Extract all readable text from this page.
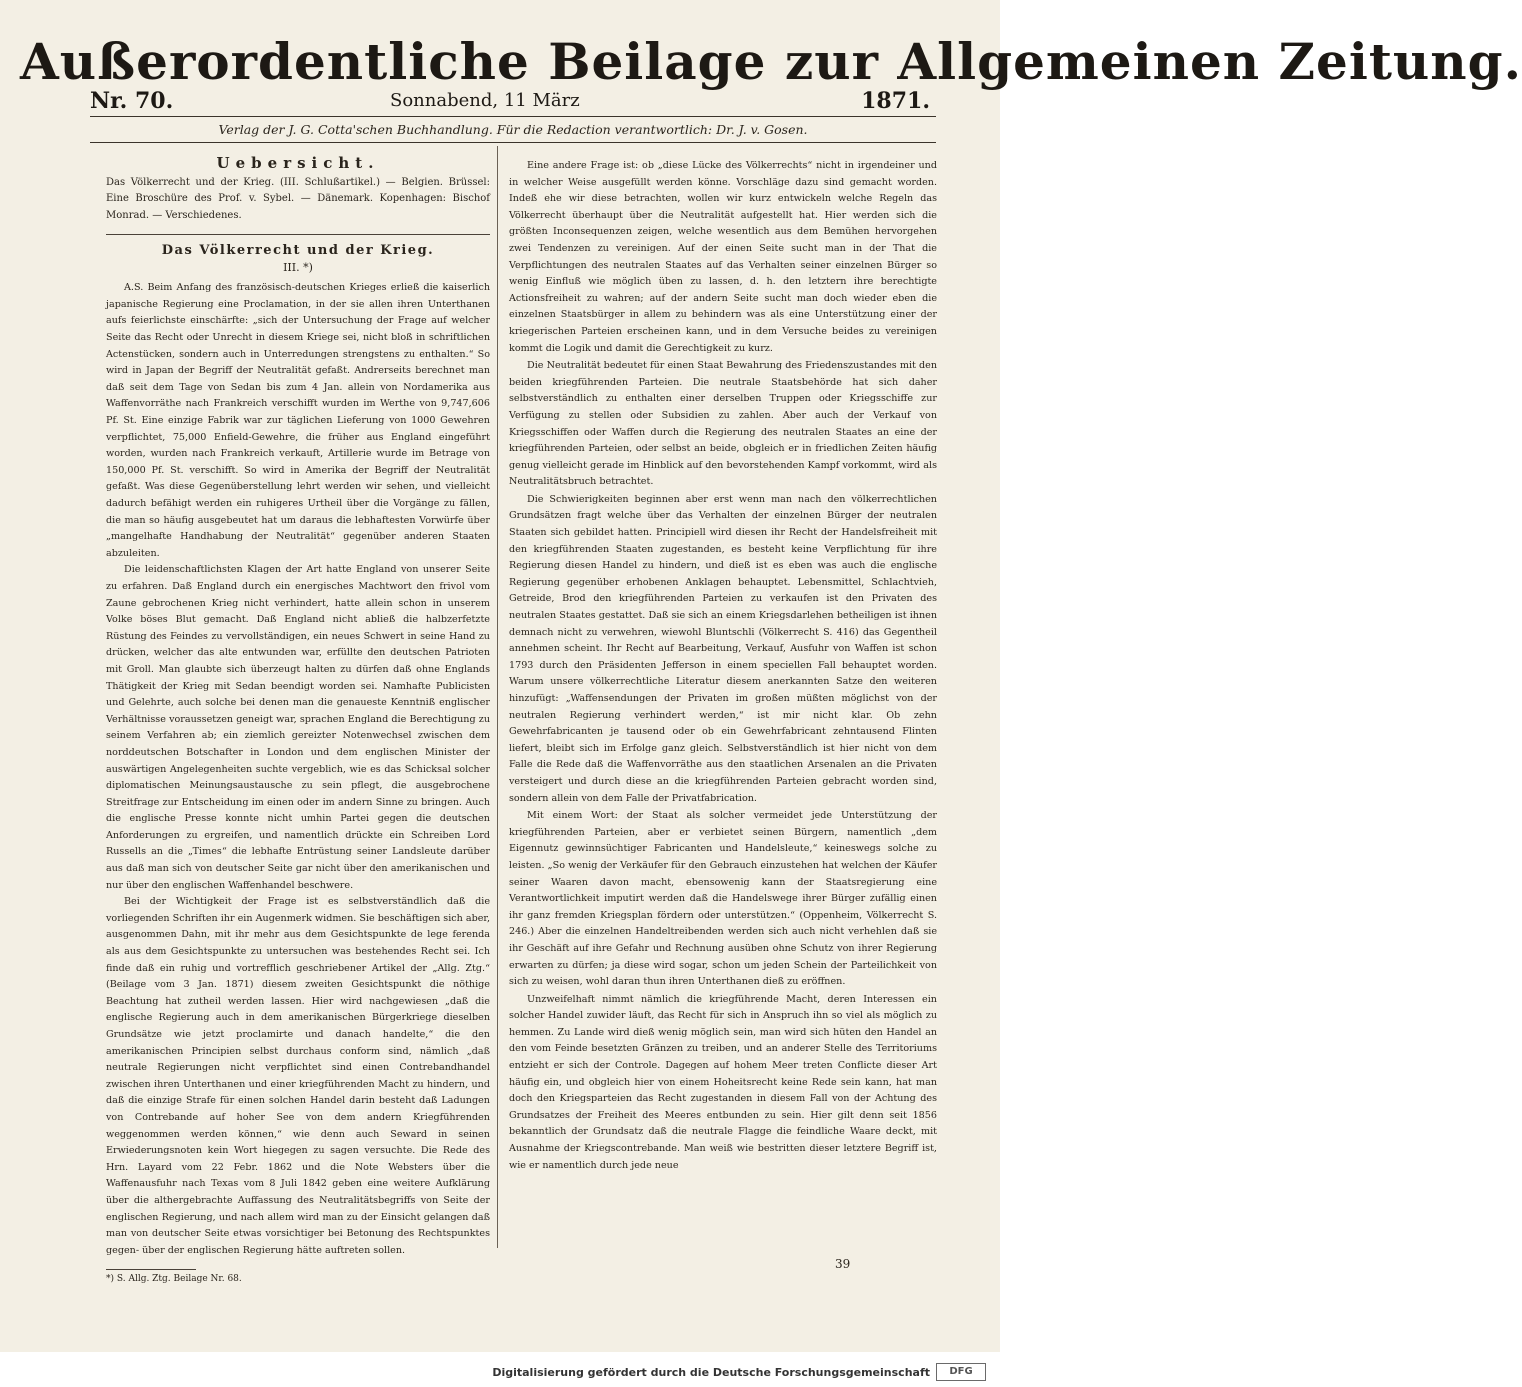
Außerordentliche Beilage zur Allgemeinen Zeitung.
Nr. 70.	Sonnabend, 11 März	1871.
Verlag der J. G. Cotta'schen Buchhandlung. Für die Redaction verantwortlich: Dr. J. v. Gosen.
Uebersicht.
Das Völkerrecht und der Krieg. (III. Schlußartikel.) — Belgien. Brüssel: Eine Broschüre des Prof. v. Sybel. — Dänemark. Kopenhagen: Bischof Monrad. — Verschiedenes.
Das Völkerrecht und der Krieg.
III. *)

A.S. Beim Anfang des französisch-deutschen Krieges erließ die kaiserlich japanische Regierung eine Proclamation, in der sie allen ihren Unterthanen aufs feierlichste einschärfte: „sich der Untersuchung der Frage auf welcher Seite das Recht oder Unrecht in diesem Kriege sei, nicht bloß in schriftlichen Actenstücken, sondern auch in Unterredungen strengstens zu enthalten.“ So wird in Japan der Begriff der Neutralität gefaßt. Andrerseits berechnet man daß seit dem Tage von Sedan bis zum 4 Jan. allein von Nordamerika aus Waffenvorräthe nach Frankreich verschifft wurden im Werthe von 9,747,606 Pf. St. Eine einzige Fabrik war zur täglichen Lieferung von 1000 Gewehren verpflichtet, 75,000 Enfield-Gewehre, die früher aus England eingeführt worden, wurden nach Frankreich verkauft, Artillerie wurde im Betrage von 150,000 Pf. St. verschifft. So wird in Amerika der Begriff der Neutralität gefaßt. Was diese Gegenüberstellung lehrt werden wir sehen, und vielleicht dadurch befähigt werden ein ruhigeres Urtheil über die Vorgänge zu fällen, die man so häufig ausgebeutet hat um daraus die lebhaftesten Vorwürfe über „mangelhafte Handhabung der Neutralität“ gegenüber anderen Staaten abzuleiten.

Die leidenschaftlichsten Klagen der Art hatte England von unserer Seite zu erfahren. Daß England durch ein energisches Machtwort den frivol vom Zaune gebrochenen Krieg nicht verhindert, hatte allein schon in unserem Volke böses Blut gemacht. Daß England nicht abließ die halbzerfetzte Rüstung des Feindes zu vervollständigen, ein neues Schwert in seine Hand zu drücken, welcher das alte entwunden war, erfüllte den deutschen Patrioten mit Groll. Man glaubte sich überzeugt halten zu dürfen daß ohne Englands Thätigkeit der Krieg mit Sedan beendigt worden sei. Namhafte Publicisten und Gelehrte, auch solche bei denen man die genaueste Kenntniß englischer Verhältnisse voraussetzen geneigt war, sprachen England die Berechtigung zu seinem Verfahren ab; ein ziemlich gereizter Notenwechsel zwischen dem norddeutschen Botschafter in London und dem englischen Minister der auswärtigen Angelegenheiten suchte vergeblich, wie es das Schicksal solcher diplomatischen Meinungsaustausche zu sein pflegt, die ausgebrochene Streitfrage zur Entscheidung im einen oder im andern Sinne zu bringen. Auch die englische Presse konnte nicht umhin Partei gegen die deutschen Anforderungen zu ergreifen, und namentlich drückte ein Schreiben Lord Russells an die „Times“ die lebhafte Entrüstung seiner Landsleute darüber aus daß man sich von deutscher Seite gar nicht über den amerikanischen und nur über den englischen Waffenhandel beschwere.

Bei der Wichtigkeit der Frage ist es selbstverständlich daß die vorliegenden Schriften ihr ein Augenmerk widmen. Sie beschäftigen sich aber, ausgenommen Dahn, mit ihr mehr aus dem Gesichtspunkte de lege ferenda als aus dem Gesichtspunkte zu untersuchen was bestehendes Recht sei. Ich finde daß ein ruhig und vortrefflich geschriebener Artikel der „Allg. Ztg.“ (Beilage vom 3 Jan. 1871) diesem zweiten Gesichtspunkt die nöthige Beachtung hat zutheil werden lassen. Hier wird nachgewiesen „daß die englische Regierung auch in dem amerikanischen Bürgerkriege dieselben Grundsätze wie jetzt proclamirte und danach handelte,“ die den amerikanischen Principien selbst durchaus conform sind, nämlich „daß neutrale Regierungen nicht verpflichtet sind einen Contrebandhandel zwischen ihren Unterthanen und einer kriegführenden Macht zu hindern, und daß die einzige Strafe für einen solchen Handel darin besteht daß Ladungen von Contrebande auf hoher See von dem andern Kriegführenden weggenommen werden können,“ wie denn auch Seward in seinen Erwiederungsnoten kein Wort hiegegen zu sagen versuchte. Die Rede des Hrn. Layard vom 22 Febr. 1862 und die Note Websters über die Waffenausfuhr nach Texas vom 8 Juli 1842 geben eine weitere Aufklärung über die althergebrachte Auffassung des Neutralitätsbegriffs von Seite der englischen Regierung, und nach allem wird man zu der Einsicht gelangen daß man von deutscher Seite etwas vorsichtiger bei Betonung des Rechtspunktes gegen- über der englischen Regierung hätte auftreten sollen.

*) S. Allg. Ztg. Beilage Nr. 68.

Eine andere Frage ist: ob „diese Lücke des Völkerrechts“ nicht in irgendeiner und in welcher Weise ausgefüllt werden könne. Vorschläge dazu sind gemacht worden. Indeß ehe wir diese betrachten, wollen wir kurz entwickeln welche Regeln das Völkerrecht überhaupt über die Neutralität aufgestellt hat. Hier werden sich die größten Inconsequenzen zeigen, welche wesentlich aus dem Bemühen hervorgehen zwei Tendenzen zu vereinigen. Auf der einen Seite sucht man in der That die Verpflichtungen des neutralen Staates auf das Verhalten seiner einzelnen Bürger so wenig Einfluß wie möglich üben zu lassen, d. h. den letztern ihre berechtigte Actionsfreiheit zu wahren; auf der andern Seite sucht man doch wieder eben die einzelnen Staatsbürger in allem zu behindern was als eine Unterstützung einer der kriegerischen Parteien erscheinen kann, und in dem Versuche beides zu vereinigen kommt die Logik und damit die Gerechtigkeit zu kurz.

Die Neutralität bedeutet für einen Staat Bewahrung des Friedenszustandes mit den beiden kriegführenden Parteien. Die neutrale Staatsbehörde hat sich daher selbstverständlich zu enthalten einer derselben Truppen oder Kriegsschiffe zur Verfügung zu stellen oder Subsidien zu zahlen. Aber auch der Verkauf von Kriegsschiffen oder Waffen durch die Regierung des neutralen Staates an eine der kriegführenden Parteien, oder selbst an beide, obgleich er in friedlichen Zeiten häufig genug vielleicht gerade im Hinblick auf den bevorstehenden Kampf vorkommt, wird als Neutralitätsbruch betrachtet.

Die Schwierigkeiten beginnen aber erst wenn man nach den völkerrechtlichen Grundsätzen fragt welche über das Verhalten der einzelnen Bürger der neutralen Staaten sich gebildet hatten. Principiell wird diesen ihr Recht der Handelsfreiheit mit den kriegführenden Staaten zugestanden, es besteht keine Verpflichtung für ihre Regierung diesen Handel zu hindern, und dieß ist es eben was auch die englische Regierung gegenüber erhobenen Anklagen behauptet. Lebensmittel, Schlachtvieh, Getreide, Brod den kriegführenden Parteien zu verkaufen ist den Privaten des neutralen Staates gestattet. Daß sie sich an einem Kriegsdarlehen betheiligen ist ihnen demnach nicht zu verwehren, wiewohl Bluntschli (Völkerrecht S. 416) das Gegentheil annehmen scheint. Ihr Recht auf Bearbeitung, Verkauf, Ausfuhr von Waffen ist schon 1793 durch den Präsidenten Jefferson in einem speciellen Fall behauptet worden. Warum unsere völkerrechtliche Literatur diesem anerkannten Satze den weiteren hinzufügt: „Waffensendungen der Privaten im großen müßten möglichst von der neutralen Regierung verhindert werden,“ ist mir nicht klar. Ob zehn Gewehrfabricanten je tausend oder ob ein Gewehrfabricant zehntausend Flinten liefert, bleibt sich im Erfolge ganz gleich. Selbstverständlich ist hier nicht von dem Falle die Rede daß die Waffenvorräthe aus den staatlichen Arsenalen an die Privaten versteigert und durch diese an die kriegführenden Parteien gebracht worden sind, sondern allein von dem Falle der Privatfabrication.

Mit einem Wort: der Staat als solcher vermeidet jede Unterstützung der kriegführenden Parteien, aber er verbietet seinen Bürgern, namentlich „dem Eigennutz gewinnsüchtiger Fabricanten und Handelsleute,“ keineswegs solche zu leisten. „So wenig der Verkäufer für den Gebrauch einzustehen hat welchen der Käufer seiner Waaren davon macht, ebensowenig kann der Staatsregierung eine Verantwortlichkeit imputirt werden daß die Handelswege ihrer Bürger zufällig einen ihr ganz fremden Kriegsplan fördern oder unterstützen.“ (Oppenheim, Völkerrecht S. 246.) Aber die einzelnen Handeltreibenden werden sich auch nicht verhehlen daß sie ihr Geschäft auf ihre Gefahr und Rechnung ausüben ohne Schutz von ihrer Regierung erwarten zu dürfen; ja diese wird sogar, schon um jeden Schein der Parteilichkeit von sich zu weisen, wohl daran thun ihren Unterthanen dieß zu eröffnen.

Unzweifelhaft nimmt nämlich die kriegführende Macht, deren Interessen ein solcher Handel zuwider läuft, das Recht für sich in Anspruch ihn so viel als möglich zu hemmen. Zu Lande wird dieß wenig möglich sein, man wird sich hüten den Handel an den vom Feinde besetzten Gränzen zu treiben, und an anderer Stelle des Territoriums entzieht er sich der Controle. Dagegen auf hohem Meer treten Conflicte dieser Art häufig ein, und obgleich hier von einem Hoheitsrecht keine Rede sein kann, hat man doch den Kriegsparteien das Recht zugestanden in diesem Fall von der Achtung des Grundsatzes der Freiheit des Meeres entbunden zu sein. Hier gilt denn seit 1856 bekanntlich der Grundsatz daß die neutrale Flagge die feindliche Waare deckt, mit Ausnahme der Kriegscontrebande. Man weiß wie bestritten dieser letztere Begriff ist, wie er namentlich durch jede neue

39
Digitalisierung gefördert durch die Deutsche Forschungsgemeinschaft	DFG
